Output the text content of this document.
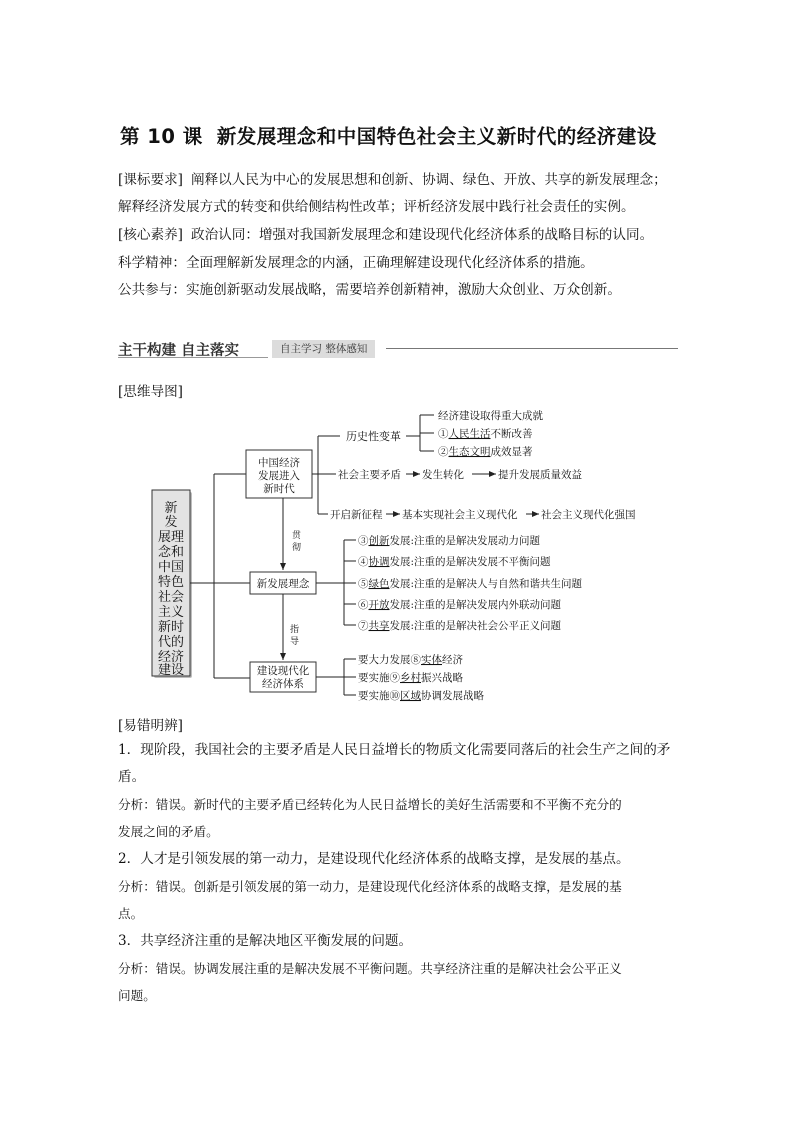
第 10 课 新发展理念和中国特色社会主义新时代的经济建设
[课标要求] 阐释以人民为中心的发展思想和创新、协调、绿色、开放、共享的新发展理念；
解释经济发展方式的转变和供给侧结构性改革；评析经济发展中践行社会责任的实例。
[核心素养] 政治认同：增强对我国新发展理念和建设现代化经济体系的战略目标的认同。
科学精神：全面理解新发展理念的内涵，正确理解建设现代化经济体系的措施。
公共参与：实施创新驱动发展战略，需要培养创新精神，激励大众创业、万众创新。
主干构建 自主落实	自主学习 整体感知
[思维导图]
新
发
展理
念和
中国
特色
社会
主义
新时
代的
经济
建设
中国经济
发展进入
新时代
新发展理念
建设现代化
经济体系
贯
彻
指
导
历史性变革
经济建设取得重大成就
①人民生活不断改善
②生态文明成效显著
社会主要矛盾 发生转化	提升发展质量效益
开启新征程 基本实现社会主义现代化 社会主义现代化强国
③创新发展:注重的是解决发展动力问题
④协调发展:注重的是解决发展不平衡问题
⑤绿色发展:注重的是解决人与自然和谐共生问题
⑥开放发展:注重的是解决发展内外联动问题
⑦共享发展:注重的是解决社会公平正义问题
要大力发展⑧实体经济
要实施⑨乡村振兴战略
要实施⑩区域协调发展战略
[易错明辨]
1．现阶段，我国社会的主要矛盾是人民日益增长的物质文化需要同落后的社会生产之间的矛
盾。
分析：错误。新时代的主要矛盾已经转化为人民日益增长的美好生活需要和不平衡不充分的
发展之间的矛盾。
2．人才是引领发展的第一动力，是建设现代化经济体系的战略支撑，是发展的基点。
分析：错误。创新是引领发展的第一动力，是建设现代化经济体系的战略支撑，是发展的基
点。
3．共享经济注重的是解决地区平衡发展的问题。
分析：错误。协调发展注重的是解决发展不平衡问题。共享经济注重的是解决社会公平正义
问题。
